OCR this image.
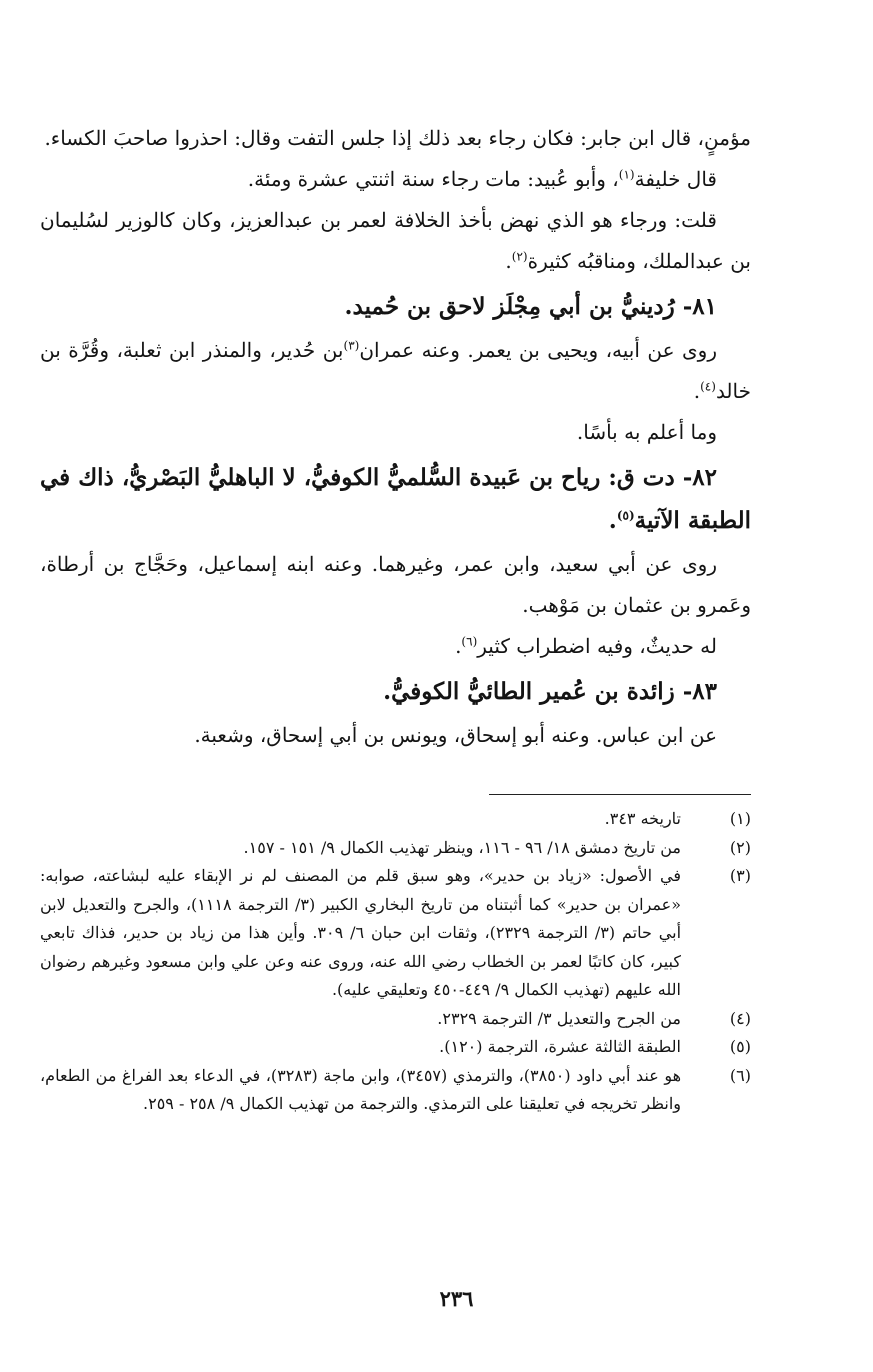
مؤمنٍ، قال ابن جابر: فكان رجاء بعد ذلك إذا جلس التفت وقال: احذروا صاحبَ الكساء.

قال خليفة$^{(١)}$، وأبو عُبيد: مات رجاء سنة اثنتي عشرة ومئة.

قلت: ورجاء هو الذي نهض بأخذ الخلافة لعمر بن عبدالعزيز، وكان كالوزير لسُليمان بن عبدالملك، ومناقبُه كثيرة$^{(٢)}$.

٨١- رُدينيُّ بن أبي مِجْلَز لاحق بن حُميد.

روى عن أبيه، ويحيى بن يعمر. وعنه عمران$^{(٣)}$بن حُدير، والمنذر ابن ثعلبة، وقُرَّة بن خالد$^{(٤)}$.

وما أعلم به بأسًا.

٨٢- دت ق: رياح بن عَبيدة السُّلميُّ الكوفيُّ، لا الباهليُّ البَصْريُّ، ذاك في الطبقة الآتية$^{(٥)}$.

روى عن أبي سعيد، وابن عمر، وغيرهما. وعنه ابنه إسماعيل، وحَجَّاج بن أرطاة، وعَمرو بن عثمان بن مَوْهب.

له حديثٌ، وفيه اضطراب كثير$^{(٦)}$.

٨٣- زائدة بن عُمير الطائيُّ الكوفيُّ.

عن ابن عباس. وعنه أبو إسحاق، ويونس بن أبي إسحاق، وشعبة.

(١)
تاريخه ٣٤٣.
(٢)
من تاريخ دمشق ١٨/ ٩٦ - ١١٦، وينظر تهذيب الكمال ٩/ ١٥١ - ١٥٧.
(٣)
في الأصول: «زياد بن حدير»، وهو سبق قلم من المصنف لم نر الإبقاء عليه لبشاعته، صوابه: «عمران بن حدير» كما أثبتناه من تاريخ البخاري الكبير (٣/ الترجمة ١١١٨)، والجرح والتعديل لابن أبي حاتم (٣/ الترجمة ٢٣٢٩)، وثقات ابن حبان ٦/ ٣٠٩. وأين هذا من زياد بن حدير، فذاك تابعي كبير، كان كاتبًا لعمر بن الخطاب رضي الله عنه، وروى عنه وعن علي وابن مسعود وغيرهم رضوان الله عليهم (تهذيب الكمال ٩/ ٤٤٩-٤٥٠ وتعليقي عليه).
(٤)
من الجرح والتعديل ٣/ الترجمة ٢٣٢٩.
(٥)
الطبقة الثالثة عشرة، الترجمة (١٢٠).
(٦)
هو عند أبي داود (٣٨٥٠)، والترمذي (٣٤٥٧)، وابن ماجة (٣٢٨٣)، في الدعاء بعد الفراغ من الطعام، وانظر تخريجه في تعليقنا على الترمذي. والترجمة من تهذيب الكمال ٩/ ٢٥٨ - ٢٥٩.
٢٣٦
